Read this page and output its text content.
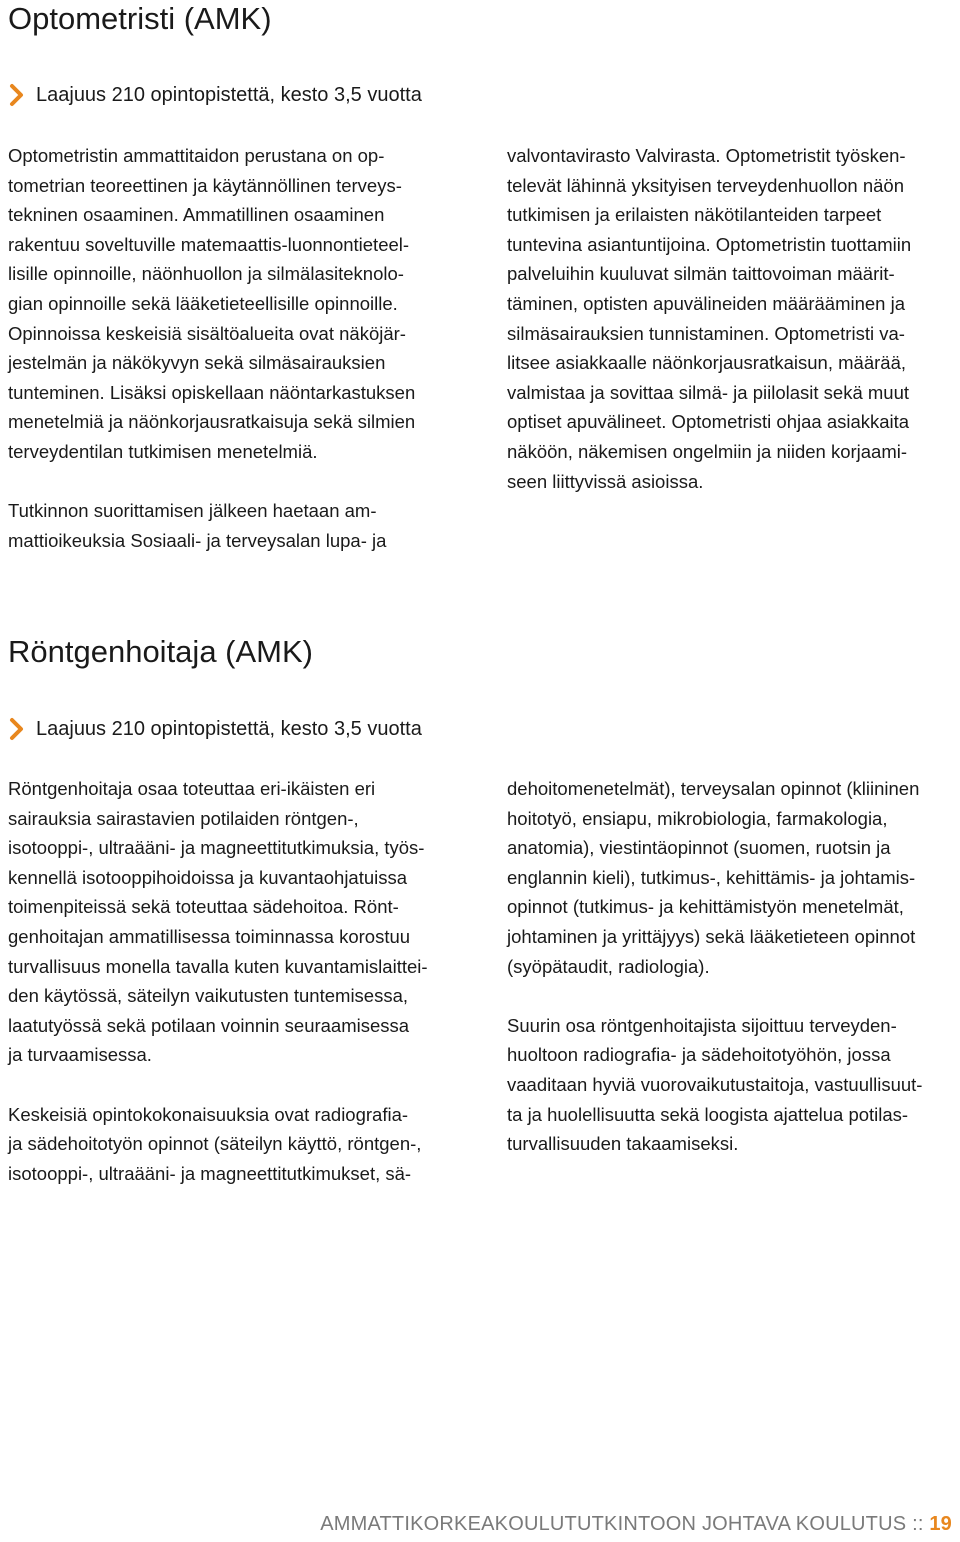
Optometristi (AMK)
Laajuus 210 opintopistettä, kesto 3,5 vuotta

Optometristin ammattitaidon perustana on op-
tometrian teoreettinen ja käytännöllinen terveys-
tekninen osaaminen. Ammatillinen osaaminen
rakentuu soveltuville matemaattis-luonnontieteel-
lisille opinnoille, näönhuollon ja silmälasiteknolo-
gian opinnoille sekä lääketieteellisille opinnoille.
Opinnoissa keskeisiä sisältöalueita ovat näköjär-
jestelmän ja näkökyvyn sekä silmäsairauksien
tunteminen. Lisäksi opiskellaan näöntarkastuksen
menetelmiä ja näönkorjausratkaisuja sekä silmien
terveydentilan tutkimisen menetelmiä.

Tutkinnon suorittamisen jälkeen haetaan am-
mattioikeuksia Sosiaali- ja terveysalan lupa- ja

valvontavirasto Valvirasta. Optometristit työsken-
televät lähinnä yksityisen terveydenhuollon näön
tutkimisen ja erilaisten näkötilanteiden tarpeet
tuntevina asiantuntijoina. Optometristin tuottamiin
palveluihin kuuluvat silmän taittovoiman määrit-
täminen, optisten apuvälineiden määrääminen ja
silmäsairauksien tunnistaminen. Optometristi va-
litsee asiakkaalle näönkorjausratkaisun, määrää,
valmistaa ja sovittaa silmä- ja piilolasit sekä muut
optiset apuvälineet. Optometristi ohjaa asiakkaita
näköön, näkemisen ongelmiin ja niiden korjaami-
seen liittyvissä asioissa.

Röntgenhoitaja (AMK)
Laajuus 210 opintopistettä, kesto 3,5 vuotta

Röntgenhoitaja osaa toteuttaa eri-ikäisten eri
sairauksia sairastavien potilaiden röntgen-,
isotooppi-, ultraääni- ja magneettitutkimuksia, työs-
kennellä isotooppihoidoissa ja kuvantaohjatuissa
toimenpiteissä sekä toteuttaa sädehoitoa. Rönt-
genhoitajan ammatillisessa toiminnassa korostuu
turvallisuus monella tavalla kuten kuvantamislaittei-
den käytössä, säteilyn vaikutusten tuntemisessa,
laatutyössä sekä potilaan voinnin seuraamisessa
ja turvaamisessa.

Keskeisiä opintokokonaisuuksia ovat radiografia-
ja sädehoitotyön opinnot (säteilyn käyttö, röntgen-,
isotooppi-, ultraääni- ja magneettitutkimukset, sä-

dehoitomenetelmät), terveysalan opinnot (kliininen
hoitotyö, ensiapu, mikrobiologia, farmakologia,
anatomia), viestintäopinnot (suomen, ruotsin ja
englannin kieli), tutkimus-, kehittämis- ja johtamis-
opinnot (tutkimus- ja kehittämistyön menetelmät,
johtaminen ja yrittäjyys) sekä lääketieteen opinnot
(syöpätaudit, radiologia).

Suurin osa röntgenhoitajista sijoittuu terveyden-
huoltoon radiografia- ja sädehoitotyöhön, jossa
vaaditaan hyviä vuorovaikutustaitoja, vastuullisuut-
ta ja huolellisuutta sekä loogista ajattelua potilas-
turvallisuuden takaamiseksi.

AMMATTIKORKEAKOULUTUTKINTOON JOHTAVA KOULUTUS :: 19
